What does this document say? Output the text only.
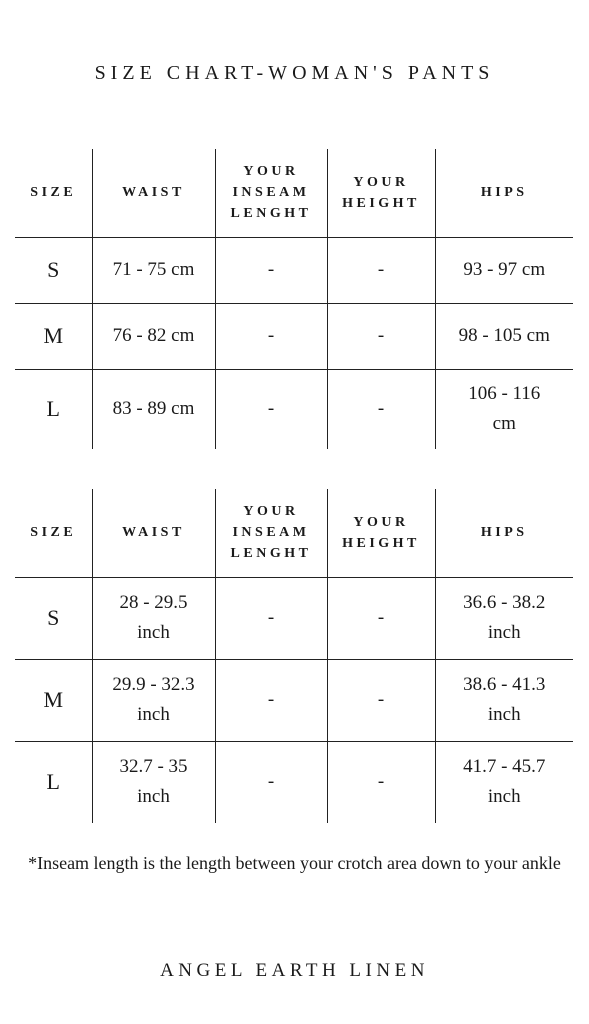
SIZE CHART-WOMAN'S PANTS
SIZE	WAIST	YOUR INSEAM LENGHT	YOUR HEIGHT	HIPS
S	71 - 75 cm	-	-	93 - 97 cm
M	76 - 82 cm	-	-	98 - 105 cm
L	83 - 89 cm	-	-	106 - 116 cm
SIZE	WAIST	YOUR INSEAM LENGHT	YOUR HEIGHT	HIPS
S	28 - 29.5 inch	-	-	36.6 - 38.2 inch
M	29.9 - 32.3 inch	-	-	38.6 - 41.3 inch
L	32.7 - 35 inch	-	-	41.7 - 45.7 inch
*Inseam length is the length between your crotch area down to your ankle
ANGEL EARTH LINEN
